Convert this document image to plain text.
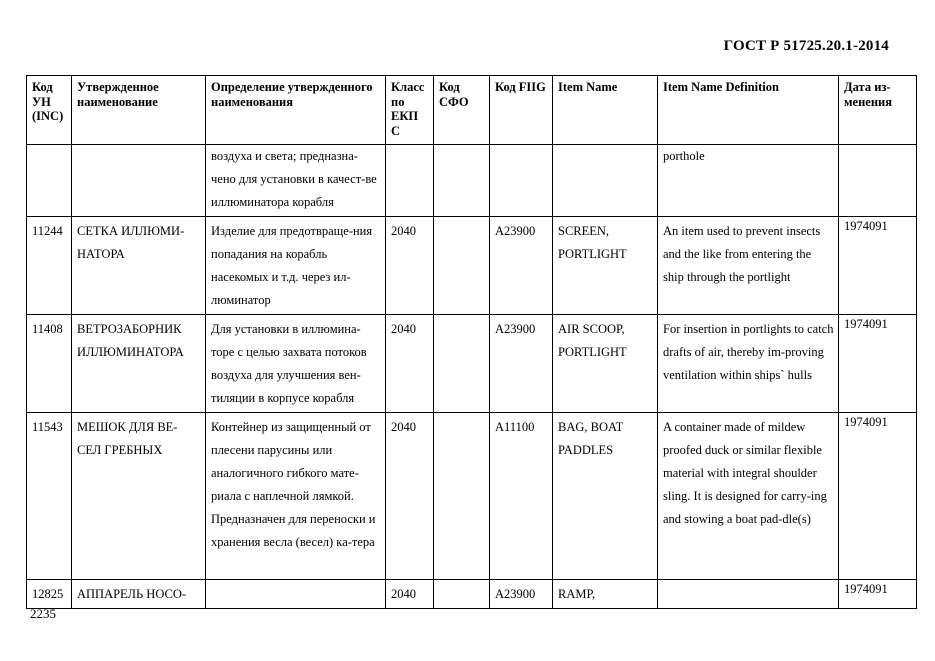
ГОСТ Р 51725.20.1-2014
Код УН (INC)	Утвержденное наименование	Определение утвержденного наименования	Класс по ЕКП С	Код СФО	Код FIIG	Item Name	Item Name Definition	Дата из-менения
		воздуха и света; предназна-чено для установки в качест-ве иллюминатора корабля					porthole	
11244	СЕТКА ИЛЛЮМИ-НАТОРА	Изделие для предотвраще-ния попадания на корабль насекомых и т.д. через ил-люминатор	2040		A23900	SCREEN, PORTLIGHT	An item used to prevent insects and the like from entering the ship through the portlight	1974091
11408	ВЕТРОЗАБОРНИК ИЛЛЮМИНАТОРА	Для установки в иллюмина-торе с целью захвата потоков воздуха для улучшения вен-тиляции в корпусе корабля	2040		A23900	AIR SCOOP, PORTLIGHT	For insertion in portlights to catch drafts of air, thereby im-proving ventilation within ships` hulls	1974091
11543	МЕШОК ДЛЯ ВЕ-СЕЛ ГРЕБНЫХ	Контейнер из защищенный от плесени парусины или аналогичного гибкого мате-риала с наплечной лямкой. Предназначен для переноски и хранения весла (весел) ка-тера	2040		A11100	BAG, BOAT PADDLES	A container made of mildew proofed duck or similar flexible material with integral shoulder sling. It is designed for carry-ing and stowing a boat pad-dle(s)	1974091
12825	АППАРЕЛЬ НОСО-		2040		A23900	RAMP,		1974091
2235
